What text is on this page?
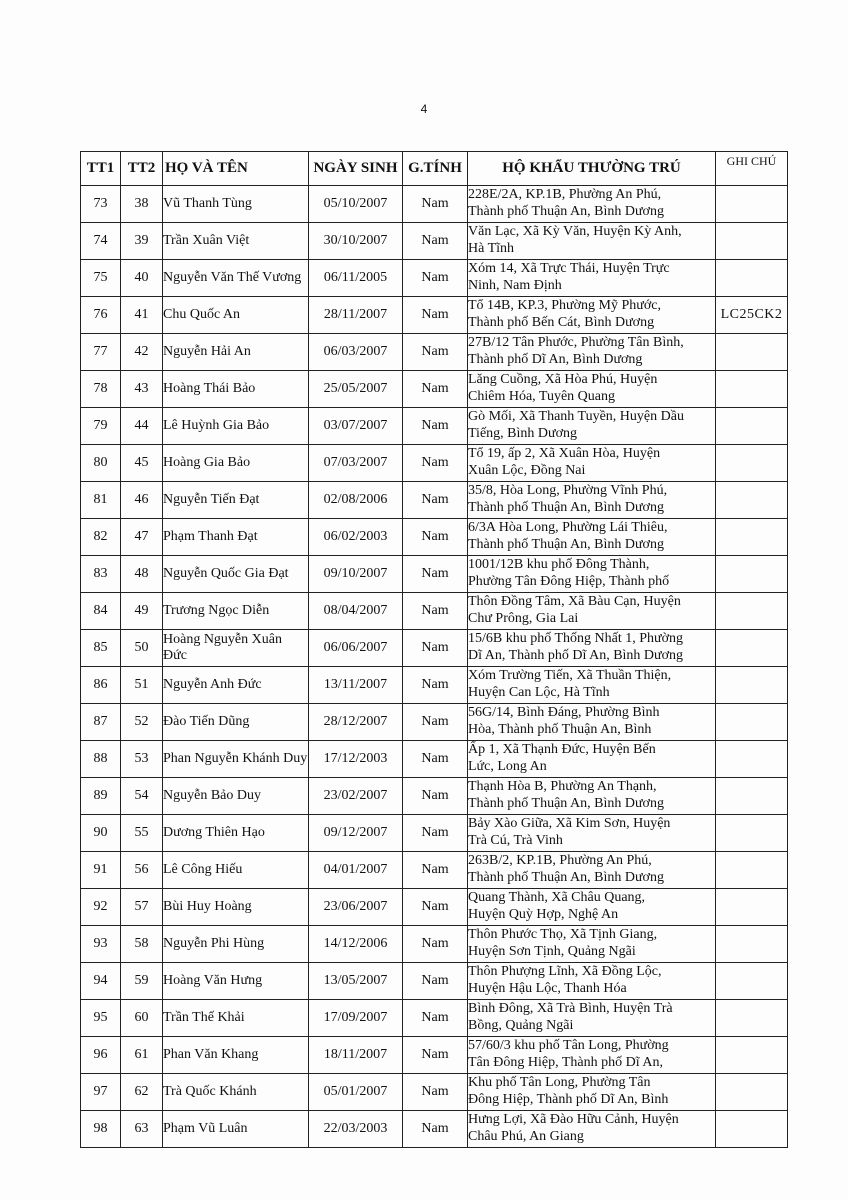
4
TT1	TT2	HỌ VÀ TÊN	NGÀY SINH	G.TÍNH	HỘ KHẨU THƯỜNG TRÚ	GHI CHÚ
73	38	Vũ Thanh Tùng	05/10/2007	Nam	228E/2A, KP.1B, Phường An Phú,
Thành phố Thuận An, Bình Dương	

74	39	Trần Xuân Việt	30/10/2007	Nam	Văn Lạc, Xã Kỳ Văn, Huyện Kỳ Anh,
Hà Tĩnh	

75	40	Nguyễn Văn Thế Vương	06/11/2005	Nam	Xóm 14, Xã Trực Thái, Huyện Trực
Ninh, Nam Định	

76	41	Chu Quốc An	28/11/2007	Nam	Tổ 14B, KP.3, Phường Mỹ Phước,
Thành phố Bến Cát, Bình Dương	LC25CK2
77	42	Nguyễn Hải An	06/03/2007	Nam	27B/12 Tân Phước, Phường Tân Bình,
Thành phố Dĩ An, Bình Dương	

78	43	Hoàng Thái Bảo	25/05/2007	Nam	Lăng Cuồng, Xã Hòa Phú, Huyện
Chiêm Hóa, Tuyên Quang	

79	44	Lê Huỳnh Gia Bảo	03/07/2007	Nam	Gò Mối, Xã Thanh Tuyền, Huyện Dầu
Tiếng, Bình Dương	

80	45	Hoàng Gia Bảo	07/03/2007	Nam	Tổ 19, ấp 2, Xã Xuân Hòa, Huyện
Xuân Lộc, Đồng Nai	

81	46	Nguyễn Tiến Đạt	02/08/2006	Nam	35/8, Hòa Long, Phường Vĩnh Phú,
Thành phố Thuận An, Bình Dương	

82	47	Phạm Thanh Đạt	06/02/2003	Nam	6/3A Hòa Long, Phường Lái Thiêu,
Thành phố Thuận An, Bình Dương	

83	48	Nguyễn Quốc Gia Đạt	09/10/2007	Nam	1001/12B khu phố Đông Thành,
Phường Tân Đông Hiệp, Thành phố	

84	49	Trương Ngọc Diễn	08/04/2007	Nam	Thôn Đồng Tâm, Xã Bàu Cạn, Huyện
Chư Prông, Gia Lai	

85	50	Hoàng Nguyễn Xuân Đức	06/06/2007	Nam	15/6B khu phố Thống Nhất 1, Phường
Dĩ An, Thành phố Dĩ An, Bình Dương	

86	51	Nguyễn Anh Đức	13/11/2007	Nam	Xóm Trường Tiến, Xã Thuần Thiện,
Huyện Can Lộc, Hà Tĩnh	

87	52	Đào Tiến Dũng	28/12/2007	Nam	56G/14, Bình Đáng, Phường Bình
Hòa, Thành phố Thuận An, Bình	

88	53	Phan Nguyễn Khánh Duy	17/12/2003	Nam	Ấp 1, Xã Thạnh Đức, Huyện Bến
Lức, Long An	

89	54	Nguyễn Bảo Duy	23/02/2007	Nam	Thạnh Hòa B, Phường An Thạnh,
Thành phố Thuận An, Bình Dương	

90	55	Dương Thiên Hạo	09/12/2007	Nam	Bảy Xào Giữa, Xã Kim Sơn, Huyện
Trà Cú, Trà Vinh	

91	56	Lê Công Hiếu	04/01/2007	Nam	263B/2, KP.1B, Phường An Phú,
Thành phố Thuận An, Bình Dương	

92	57	Bùi Huy Hoàng	23/06/2007	Nam	Quang Thành, Xã Châu Quang,
Huyện Quỳ Hợp, Nghệ An	

93	58	Nguyễn Phi Hùng	14/12/2006	Nam	Thôn Phước Thọ, Xã Tịnh Giang,
Huyện Sơn Tịnh, Quảng Ngãi	

94	59	Hoàng Văn Hưng	13/05/2007	Nam	Thôn Phượng Lĩnh, Xã Đồng Lộc,
Huyện Hậu Lộc, Thanh Hóa	

95	60	Trần Thế Khải	17/09/2007	Nam	Bình Đông, Xã Trà Bình, Huyện Trà
Bồng, Quảng Ngãi	

96	61	Phan Văn Khang	18/11/2007	Nam	57/60/3 khu phố Tân Long, Phường
Tân Đông Hiệp, Thành phố Dĩ An,	

97	62	Trà Quốc Khánh	05/01/2007	Nam	Khu phố Tân Long, Phường Tân
Đông Hiệp, Thành phố Dĩ An, Bình	

98	63	Phạm Vũ Luân	22/03/2003	Nam	Hưng Lợi, Xã Đào Hữu Cảnh, Huyện
Châu Phú, An Giang	
